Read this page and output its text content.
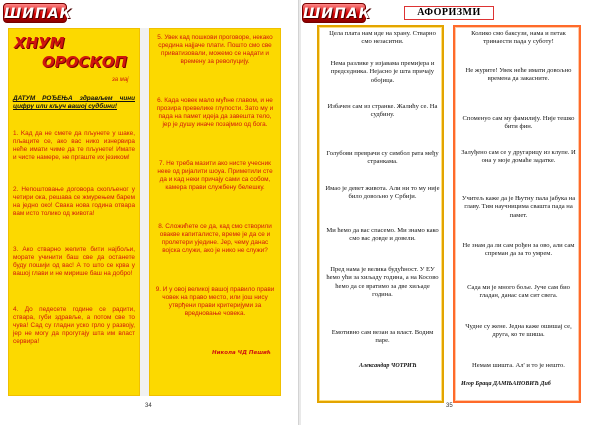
ШИПАК
ХНУМ
ОРОСКОП
за мај
ДАТУМ РОЂЕЊА здрављем чини цифру или кључ вашој судбини!
1. Kaд да не смете да пљунете у шаке, пљаците се, ако вас нико изнервира нећe имати чиме да те пљунете! Имате и чисте намере, не пргаште их језиком!
2. Непоштовање договора скопљенoг у четири ока, решава се жмурењем барем на једно око! Свака нова година отвара вам исто толико од живота!
3. Ако стварно желите бити најбољи, морате учинити баш све да останете буду пошији од вас! А то што се крва у вашој глави и не мирише баш на добро!
4. До педесете године се радити, ствара, губи здравље, а потом све то чува! Сад су гладни уско грло у развоју, јер не могу да прогутају шта им власт сервира!
5. Увек кад пошкови проговоре, некако средина најјаче плати. Пошто смо све приватизовали, можемо се надати и времену за револуцију.
6. Када човек мало мућне главом, и не прозира превелике глупости. Зато му и пада на памет идеја да завешта тело, јер је душу иначе позајмио од бога.
7. Не треба мазити ако нисте учесник некe од ријалити шоуа. Приметили сте да и кад неки причају сами са собом, камера прави службену белешку.
8. Сложићете се да, кад смо створили овакве капиталисте, време је да се и пролетери уједине. Јер, чему данас војска служи, ако је нико не служи?
9. И у овој великој вашој правило прави човек на право место, или још нису утврђени прави критеријуми за вредновање човека.
Никола ЧД Пешић
34
ШИПАК	АФОРИЗМИ
Цела плата нам иде на храну. Стварно смо незаситни.
Нема разлике у изјавама премијера и председника. Нејасно је шта причају обојица.
Избачен сам из странке. Жалићу се. На судбину.
Голубови преврачи су симбол рата међу странкама.
Имао је девет живота. Али ни то му није било довољно у Србији.
Ми ћемо да вас спасемо. Ми знамо како смо вас довде и довели.
Пред нама је велика будућност. У ЕУ ћемо ући за хиљаду година, а на Косово ћемо да се вратимо за две хиљаде година.
Емотивно сам везан за власт. Водим паре.
Александар ЧОТРИЋ
Колико смо баксузи, нама и петак тринаести пада у суботу!
Не журите! Увек неће имати довољно времена да закасните.
Споменуо сам му фамилију. Није тешко бити фин.
Залуђено сам се у другарицу из клупе. И она у моје домаће задатке.
Учитељ каже да је Њутну пала јабука на главу. Тим научницима свашта пада на памет.
Не знам да ли сам рођен за ово, али сам спреман да за то умрем.
Сада ми је много боље. Јуче сам био гладан, данас сам сит свега.
Чудне су жене. Једна каже ошишај се, друга, ко те шиша.
Немам шишта. Ал' и то је нешто.
Игор Браца ДАМЊАНОВИЋ Диб
35
